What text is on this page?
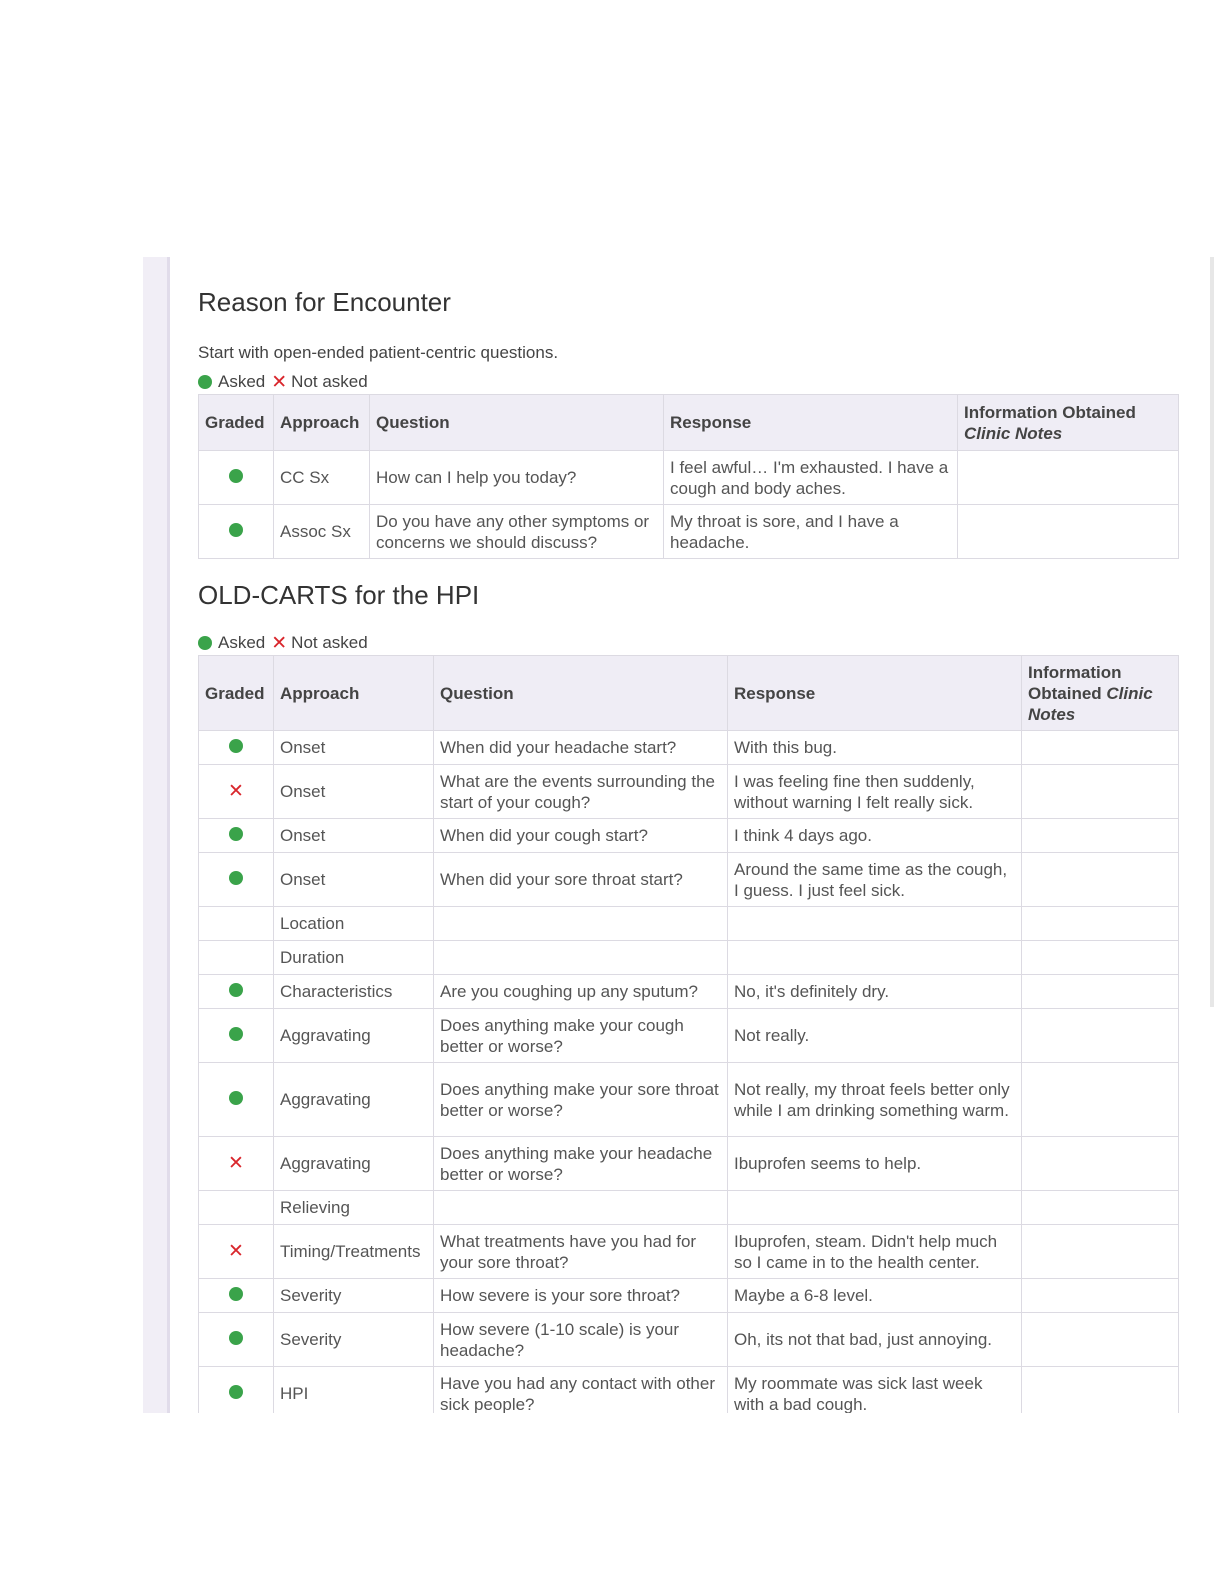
Reason for Encounter
Start with open-ended patient-centric questions.
Asked ✕ Not asked
Graded	Approach	Question	Response	Information Obtained
Clinic Notes
	CC Sx	How can I help you today?	I feel awful… I'm exhausted. I have a cough and body aches.	
	Assoc Sx	Do you have any other symptoms or concerns we should discuss?	My throat is sore, and I have a headache.	
OLD-CARTS for the HPI
Asked ✕ Not asked
Graded	Approach	Question	Response	Information Obtained Clinic Notes
	Onset	When did your headache start?	With this bug.	
✕	Onset	What are the events surrounding the start of your cough?	I was feeling fine then suddenly, without warning I felt really sick.	
	Onset	When did your cough start?	I think 4 days ago.	
	Onset	When did your sore throat start?	Around the same time as the cough, I guess. I just feel sick.	
	Location			
	Duration			
	Characteristics	Are you coughing up any sputum?	No, it's definitely dry.	
	Aggravating	Does anything make your cough better or worse?	Not really.	
	Aggravating	Does anything make your sore throat better or worse?	Not really, my throat feels better only while I am drinking something warm.	
✕	Aggravating	Does anything make your headache better or worse?	Ibuprofen seems to help.	
	Relieving			
✕	Timing/Treatments	What treatments have you had for your sore throat?	Ibuprofen, steam. Didn't help much so I came in to the health center.	
	Severity	How severe is your sore throat?	Maybe a 6-8 level.	
	Severity	How severe (1-10 scale) is your headache?	Oh, its not that bad, just annoying.	
	HPI	Have you had any contact with other sick people?	My roommate was sick last week with a bad cough.	
